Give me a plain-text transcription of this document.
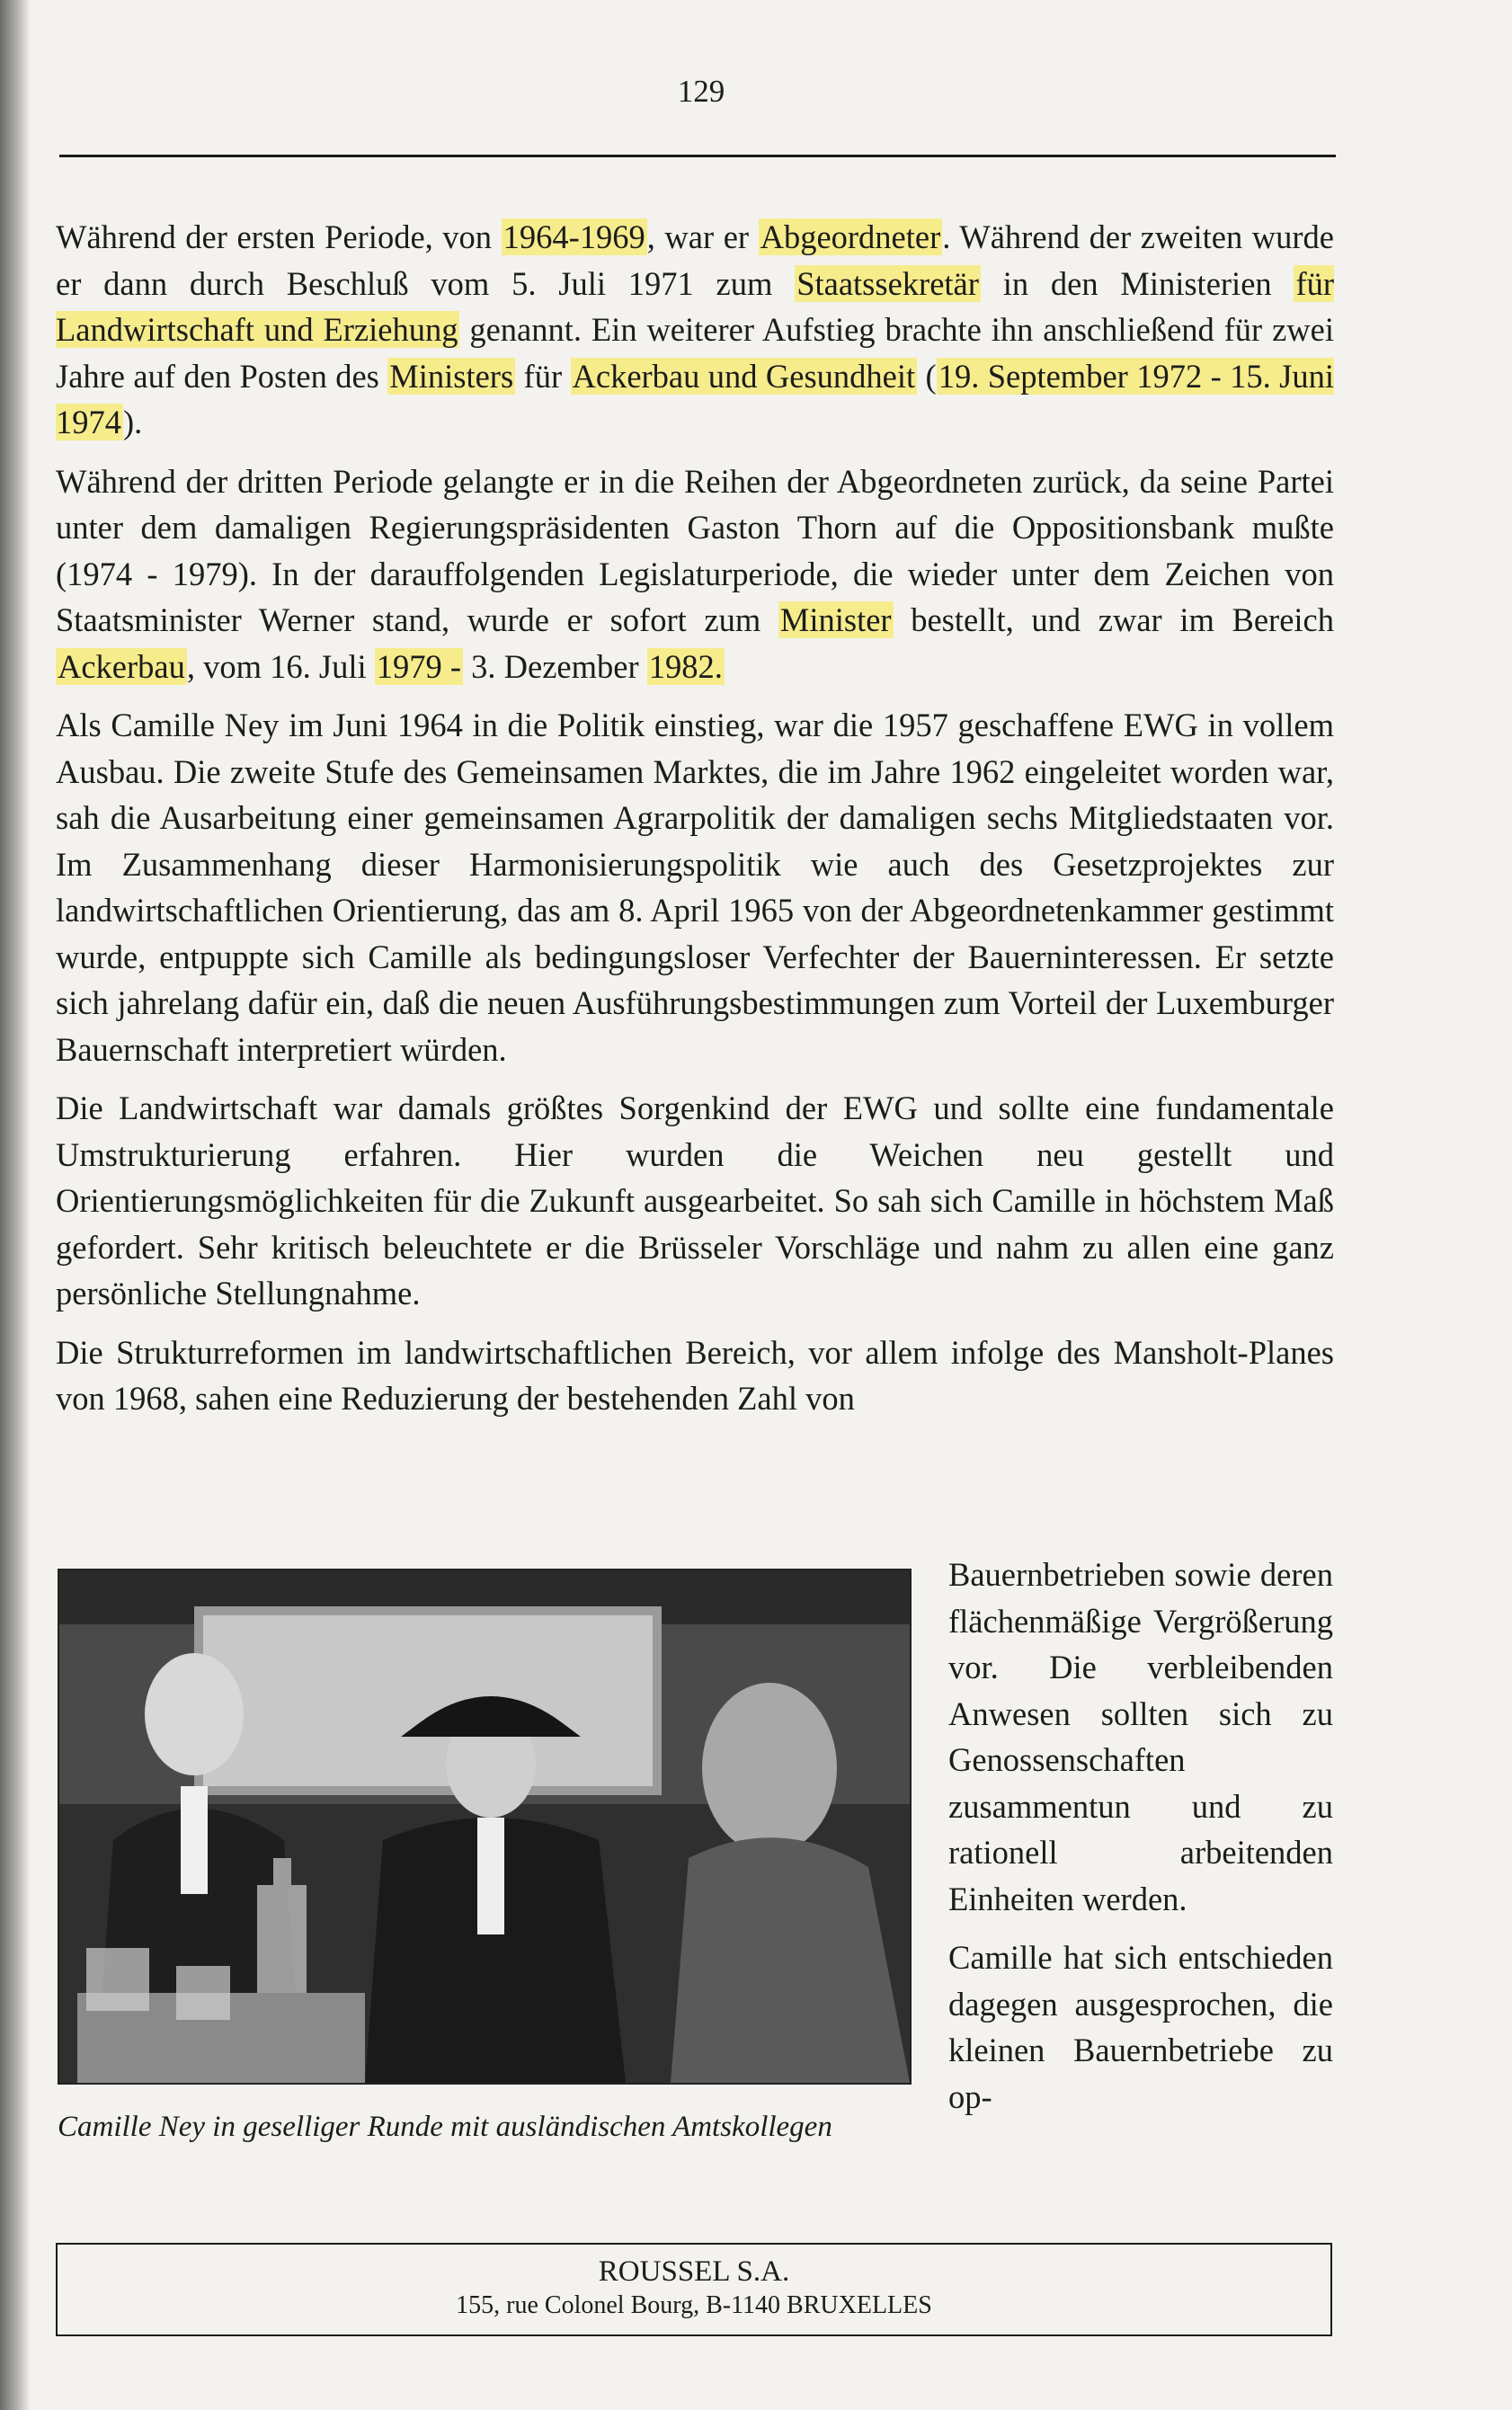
129

Während der ersten Periode, von 1964-1969, war er Abgeordneter. Während der zweiten wurde er dann durch Beschluß vom 5. Juli 1971 zum Staatssekretär in den Ministerien für Landwirtschaft und Erziehung genannt. Ein weiterer Aufstieg brachte ihn anschließend für zwei Jahre auf den Posten des Ministers für Ackerbau und Gesundheit (19. September 1972 - 15. Juni 1974).

Während der dritten Periode gelangte er in die Reihen der Abgeordneten zurück, da seine Partei unter dem damaligen Regierungspräsidenten Gaston Thorn auf die Oppositionsbank mußte (1974 - 1979). In der darauffolgenden Legislaturperiode, die wieder unter dem Zeichen von Staatsminister Werner stand, wurde er sofort zum Minister bestellt, und zwar im Bereich Ackerbau, vom 16. Juli 1979 - 3. Dezember 1982.

Als Camille Ney im Juni 1964 in die Politik einstieg, war die 1957 geschaffene EWG in vollem Ausbau. Die zweite Stufe des Gemeinsamen Marktes, die im Jahre 1962 eingeleitet worden war, sah die Ausarbeitung einer gemeinsamen Agrarpolitik der damaligen sechs Mitgliedstaaten vor. Im Zusammenhang dieser Harmonisierungspolitik wie auch des Gesetzprojektes zur landwirtschaftlichen Orientierung, das am 8. April 1965 von der Abgeordnetenkammer gestimmt wurde, entpuppte sich Camille als bedingungsloser Verfechter der Bauerninteressen. Er setzte sich jahrelang dafür ein, daß die neuen Ausführungsbestimmungen zum Vorteil der Luxemburger Bauernschaft interpretiert würden.

Die Landwirtschaft war damals größtes Sorgenkind der EWG und sollte eine fundamentale Umstrukturierung erfahren. Hier wurden die Weichen neu gestellt und Orientierungsmöglichkeiten für die Zukunft ausgearbeitet. So sah sich Camille in höchstem Maß gefordert. Sehr kritisch beleuchtete er die Brüsseler Vorschläge und nahm zu allen eine ganz persönliche Stellungnahme.

Die Strukturreformen im landwirtschaftlichen Bereich, vor allem infolge des Mansholt-Planes von 1968, sahen eine Reduzierung der bestehenden Zahl von

Camille Ney in geselliger Runde mit ausländischen Amtskollegen

Bauernbetrieben sowie deren flächenmäßige Vergrößerung vor. Die verbleibenden Anwesen sollten sich zu Genossenschaften zusammentun und zu rationell arbeitenden Einheiten werden.

Camille hat sich entschieden dagegen ausgesprochen, die kleinen Bauernbetriebe zu op-

ROUSSEL S.A.
155, rue Colonel Bourg, B-1140 BRUXELLES
